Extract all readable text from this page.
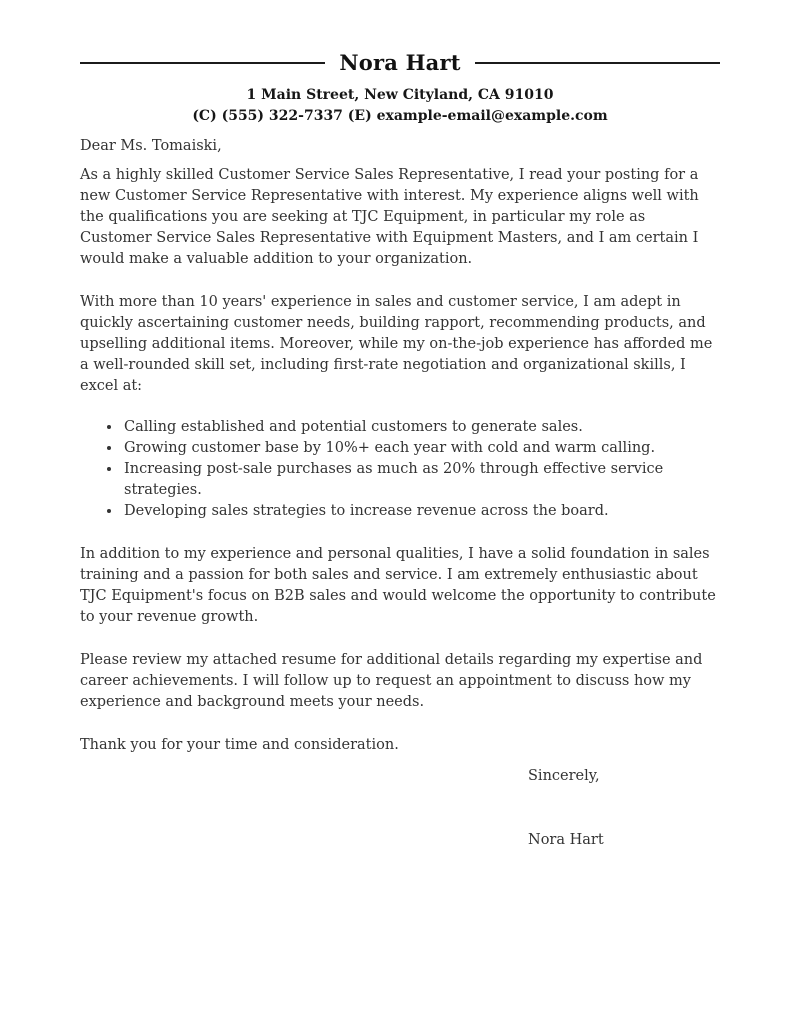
Nora Hart
1 Main Street, New Cityland, CA 91010
(C) (555) 322-7337 (E) example-email@example.com

Dear Ms. Tomaiski,

As a highly skilled Customer Service Sales Representative, I read your posting for a new Customer Service Representative with interest. My experience aligns well with the qualifications you are seeking at TJC Equipment, in particular my role as Customer Service Sales Representative with Equipment Masters, and I am certain I would make a valuable addition to your organization.

With more than 10 years' experience in sales and customer service, I am adept in quickly ascertaining customer needs, building rapport, recommending products, and upselling additional items. Moreover, while my on-the-job experience has afforded me a well-rounded skill set, including first-rate negotiation and organizational skills, I excel at:

• Calling established and potential customers to generate sales.
• Growing customer base by 10%+ each year with cold and warm calling.
• Increasing post-sale purchases as much as 20% through effective service strategies.
• Developing sales strategies to increase revenue across the board.

In addition to my experience and personal qualities, I have a solid foundation in sales training and a passion for both sales and service. I am extremely enthusiastic about TJC Equipment's focus on B2B sales and would welcome the opportunity to contribute to your revenue growth.

Please review my attached resume for additional details regarding my expertise and career achievements. I will follow up to request an appointment to discuss how my experience and background meets your needs.

Thank you for your time and consideration.

Sincerely,

Nora Hart
